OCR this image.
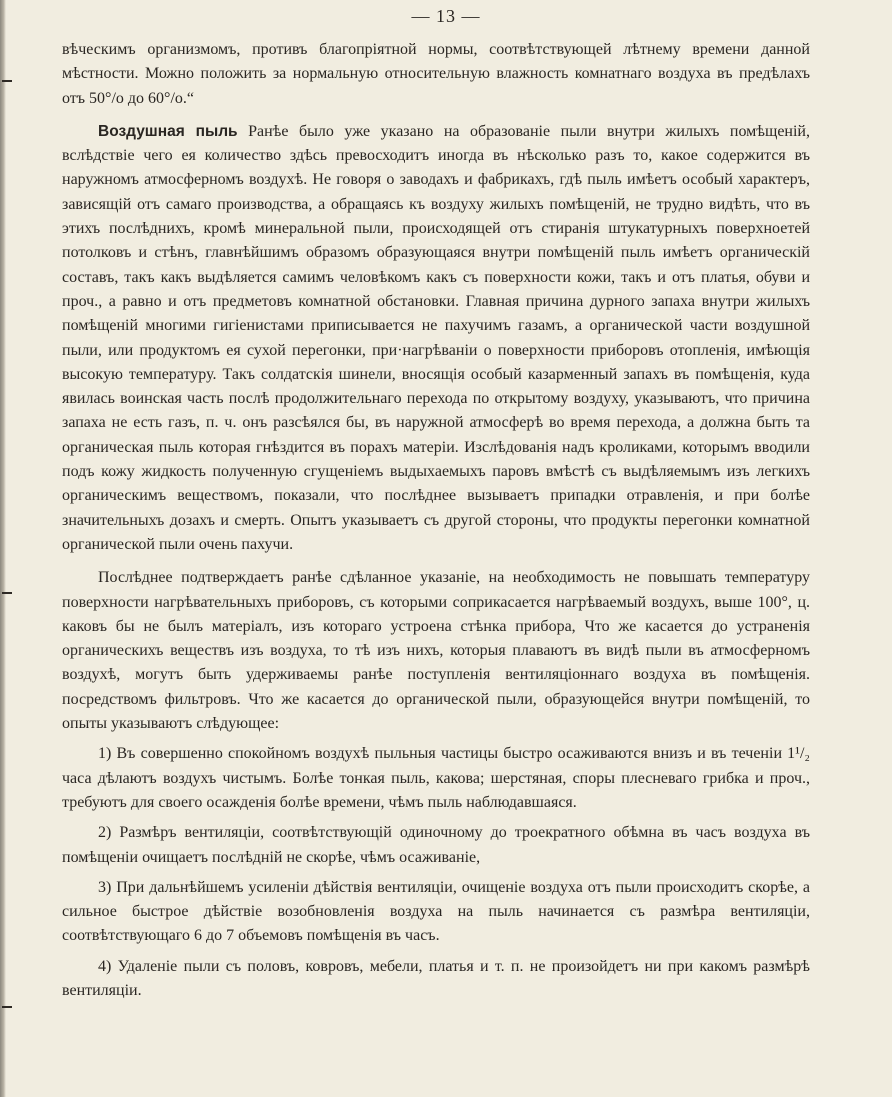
— 13 —

вѣческимъ организмомъ, противъ благопріятной нормы, соотвѣтствующей лѣтнему времени данной мѣстности. Можно положить за нормальную относительную влажность комнатнаго воздуха въ предѣлахъ отъ 50°/о до 60°/о.“

Воздушная пыль Ранѣе было уже указано на образованіе пыли внутри жилыхъ помѣщеній, вслѣдствіе чего ея количество здѣсь превосходитъ иногда въ нѣсколько разъ то, какое содержится въ наружномъ атмосферномъ воздухѣ. Не говоря о заводахъ и фабрикахъ, гдѣ пыль имѣетъ особый характеръ, зависящій отъ самаго производства, а обращаясь къ воздуху жилыхъ помѣщеній, не трудно видѣть, что въ этихъ послѣднихъ, кромѣ минеральной пыли, происходящей отъ стиранія штукатурныхъ поверхноетей потолковъ и стѣнъ, главнѣйшимъ образомъ образующаяся внутри помѣщеній пыль имѣетъ органическій составъ, такъ какъ выдѣляется самимъ человѣкомъ какъ съ поверхности кожи, такъ и отъ платья, обуви и проч., а равно и отъ предметовъ комнатной обстановки. Главная причина дурного запаха внутри жилыхъ помѣщеній многими гигіенистами приписывается не пахучимъ газамъ, а органической части воздушной пыли, или продуктомъ ея сухой перегонки, при·нагрѣваніи о поверхности приборовъ отопленія, имѣющія высокую температуру. Такъ солдатскія шинели, вносящія особый казарменный запахъ въ помѣщенія, куда явилась воинская часть послѣ продолжительнаго перехода по открытому воздуху, указываютъ, что причина запаха не есть газъ, п. ч. онъ разсѣялся бы, въ наружной атмосферѣ во время перехода, а должна быть та органическая пыль которая гнѣздится въ порахъ матеріи. Изслѣдованія надъ кроликами, которымъ вводили подъ кожу жидкость полученную сгущеніемъ выдыхаемыхъ паровъ вмѣстѣ съ выдѣляемымъ изъ легкихъ органическимъ веществомъ, показали, что послѣднее вызываетъ припадки отравленія, и при болѣе значительныхъ дозахъ и смерть. Опытъ указываетъ съ другой стороны, что продукты перегонки комнатной органической пыли очень пахучи.

Послѣднее подтверждаетъ ранѣе сдѣланное указаніе, на необходимость не повышать температуру поверхности нагрѣвательныхъ приборовъ, съ которыми соприкасается нагрѣваемый воздухъ, выше 100°, ц. каковъ бы не былъ матеріалъ, изъ котораго устроена стѣнка прибора, Что же касается до устраненія органическихъ веществъ изъ воздуха, то тѣ изъ нихъ, которыя плаваютъ въ видѣ пыли въ атмосферномъ воздухѣ, могутъ быть удерживаемы ранѣе поступленія вентиляціоннаго воздуха въ помѣщенія. посредствомъ фильтровъ. Что же касается до органической пыли, образующейся внутри помѣщеній, то опыты указываютъ слѣдующее:

1) Въ совершенно спокойномъ воздухѣ пыльныя частицы быстро осаживаются внизъ и въ теченіи 1¹/₂ часа дѣлаютъ воздухъ чистымъ. Болѣе тонкая пыль, какова; шерстяная, споры плесневаго грибка и проч., требуютъ для своего осажденія болѣе времени, чѣмъ пыль наблюдавшаяся.

2) Размѣръ вентиляціи, соотвѣтствующій одиночному до троекратного обѣмна въ часъ воздуха въ помѣщеніи очищаетъ послѣдній не скорѣе, чѣмъ осаживаніе,

3) При дальнѣйшемъ усиленіи дѣйствія вентиляціи, очищеніе воздуха отъ пыли происходитъ скорѣе, а сильное быстрое дѣйствіе возобновленія воздуха на пыль начинается съ размѣра вентиляціи, соотвѣтствующаго 6 до 7 объемовъ помѣщенія въ часъ.

4) Удаленіе пыли съ половъ, ковровъ, мебели, платья и т. п. не произойдетъ ни при какомъ размѣрѣ вентиляціи.
